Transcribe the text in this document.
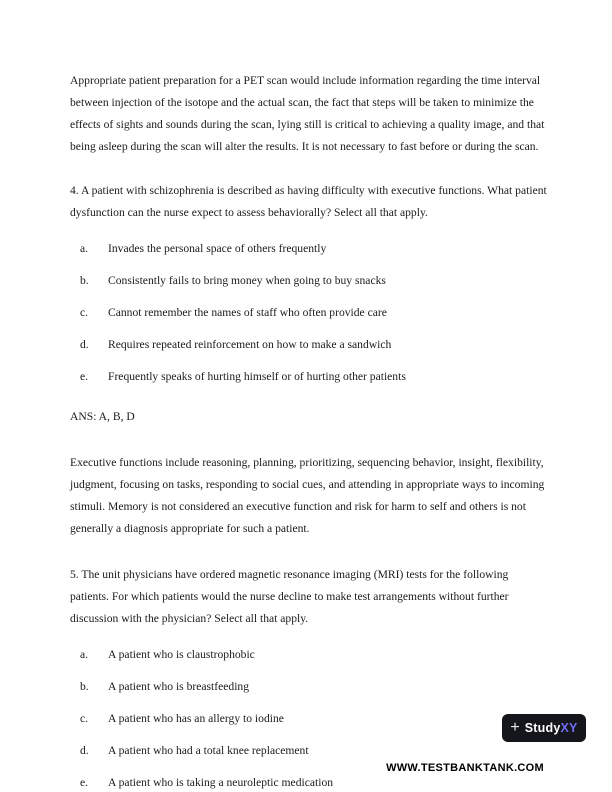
Appropriate patient preparation for a PET scan would include information regarding the time interval between injection of the isotope and the actual scan, the fact that steps will be taken to minimize the effects of sights and sounds during the scan, lying still is critical to achieving a quality image, and that being asleep during the scan will alter the results. It is not necessary to fast before or during the scan.

4. A patient with schizophrenia is described as having difficulty with executive functions. What patient dysfunction can the nurse expect to assess behaviorally? Select all that apply.

a.	Invades the personal space of others frequently
b.	Consistently fails to bring money when going to buy snacks
c.	Cannot remember the names of staff who often provide care
d.	Requires repeated reinforcement on how to make a sandwich
e.	Frequently speaks of hurting himself or of hurting other patients

ANS: A, B, D

Executive functions include reasoning, planning, prioritizing, sequencing behavior, insight, flexibility, judgment, focusing on tasks, responding to social cues, and attending in appropriate ways to incoming stimuli. Memory is not considered an executive function and risk for harm to self and others is not generally a diagnosis appropriate for such a patient.

5. The unit physicians have ordered magnetic resonance imaging (MRI) tests for the following patients. For which patients would the nurse decline to make test arrangements without further discussion with the physician? Select all that apply.

a.	A patient who is claustrophobic
b.	A patient who is breastfeeding
c.	A patient who has an allergy to iodine
d.	A patient who had a total knee replacement
e.	A patient who is taking a neuroleptic medication
+ StudyXY
WWW.TESTBANKTANK.COM
